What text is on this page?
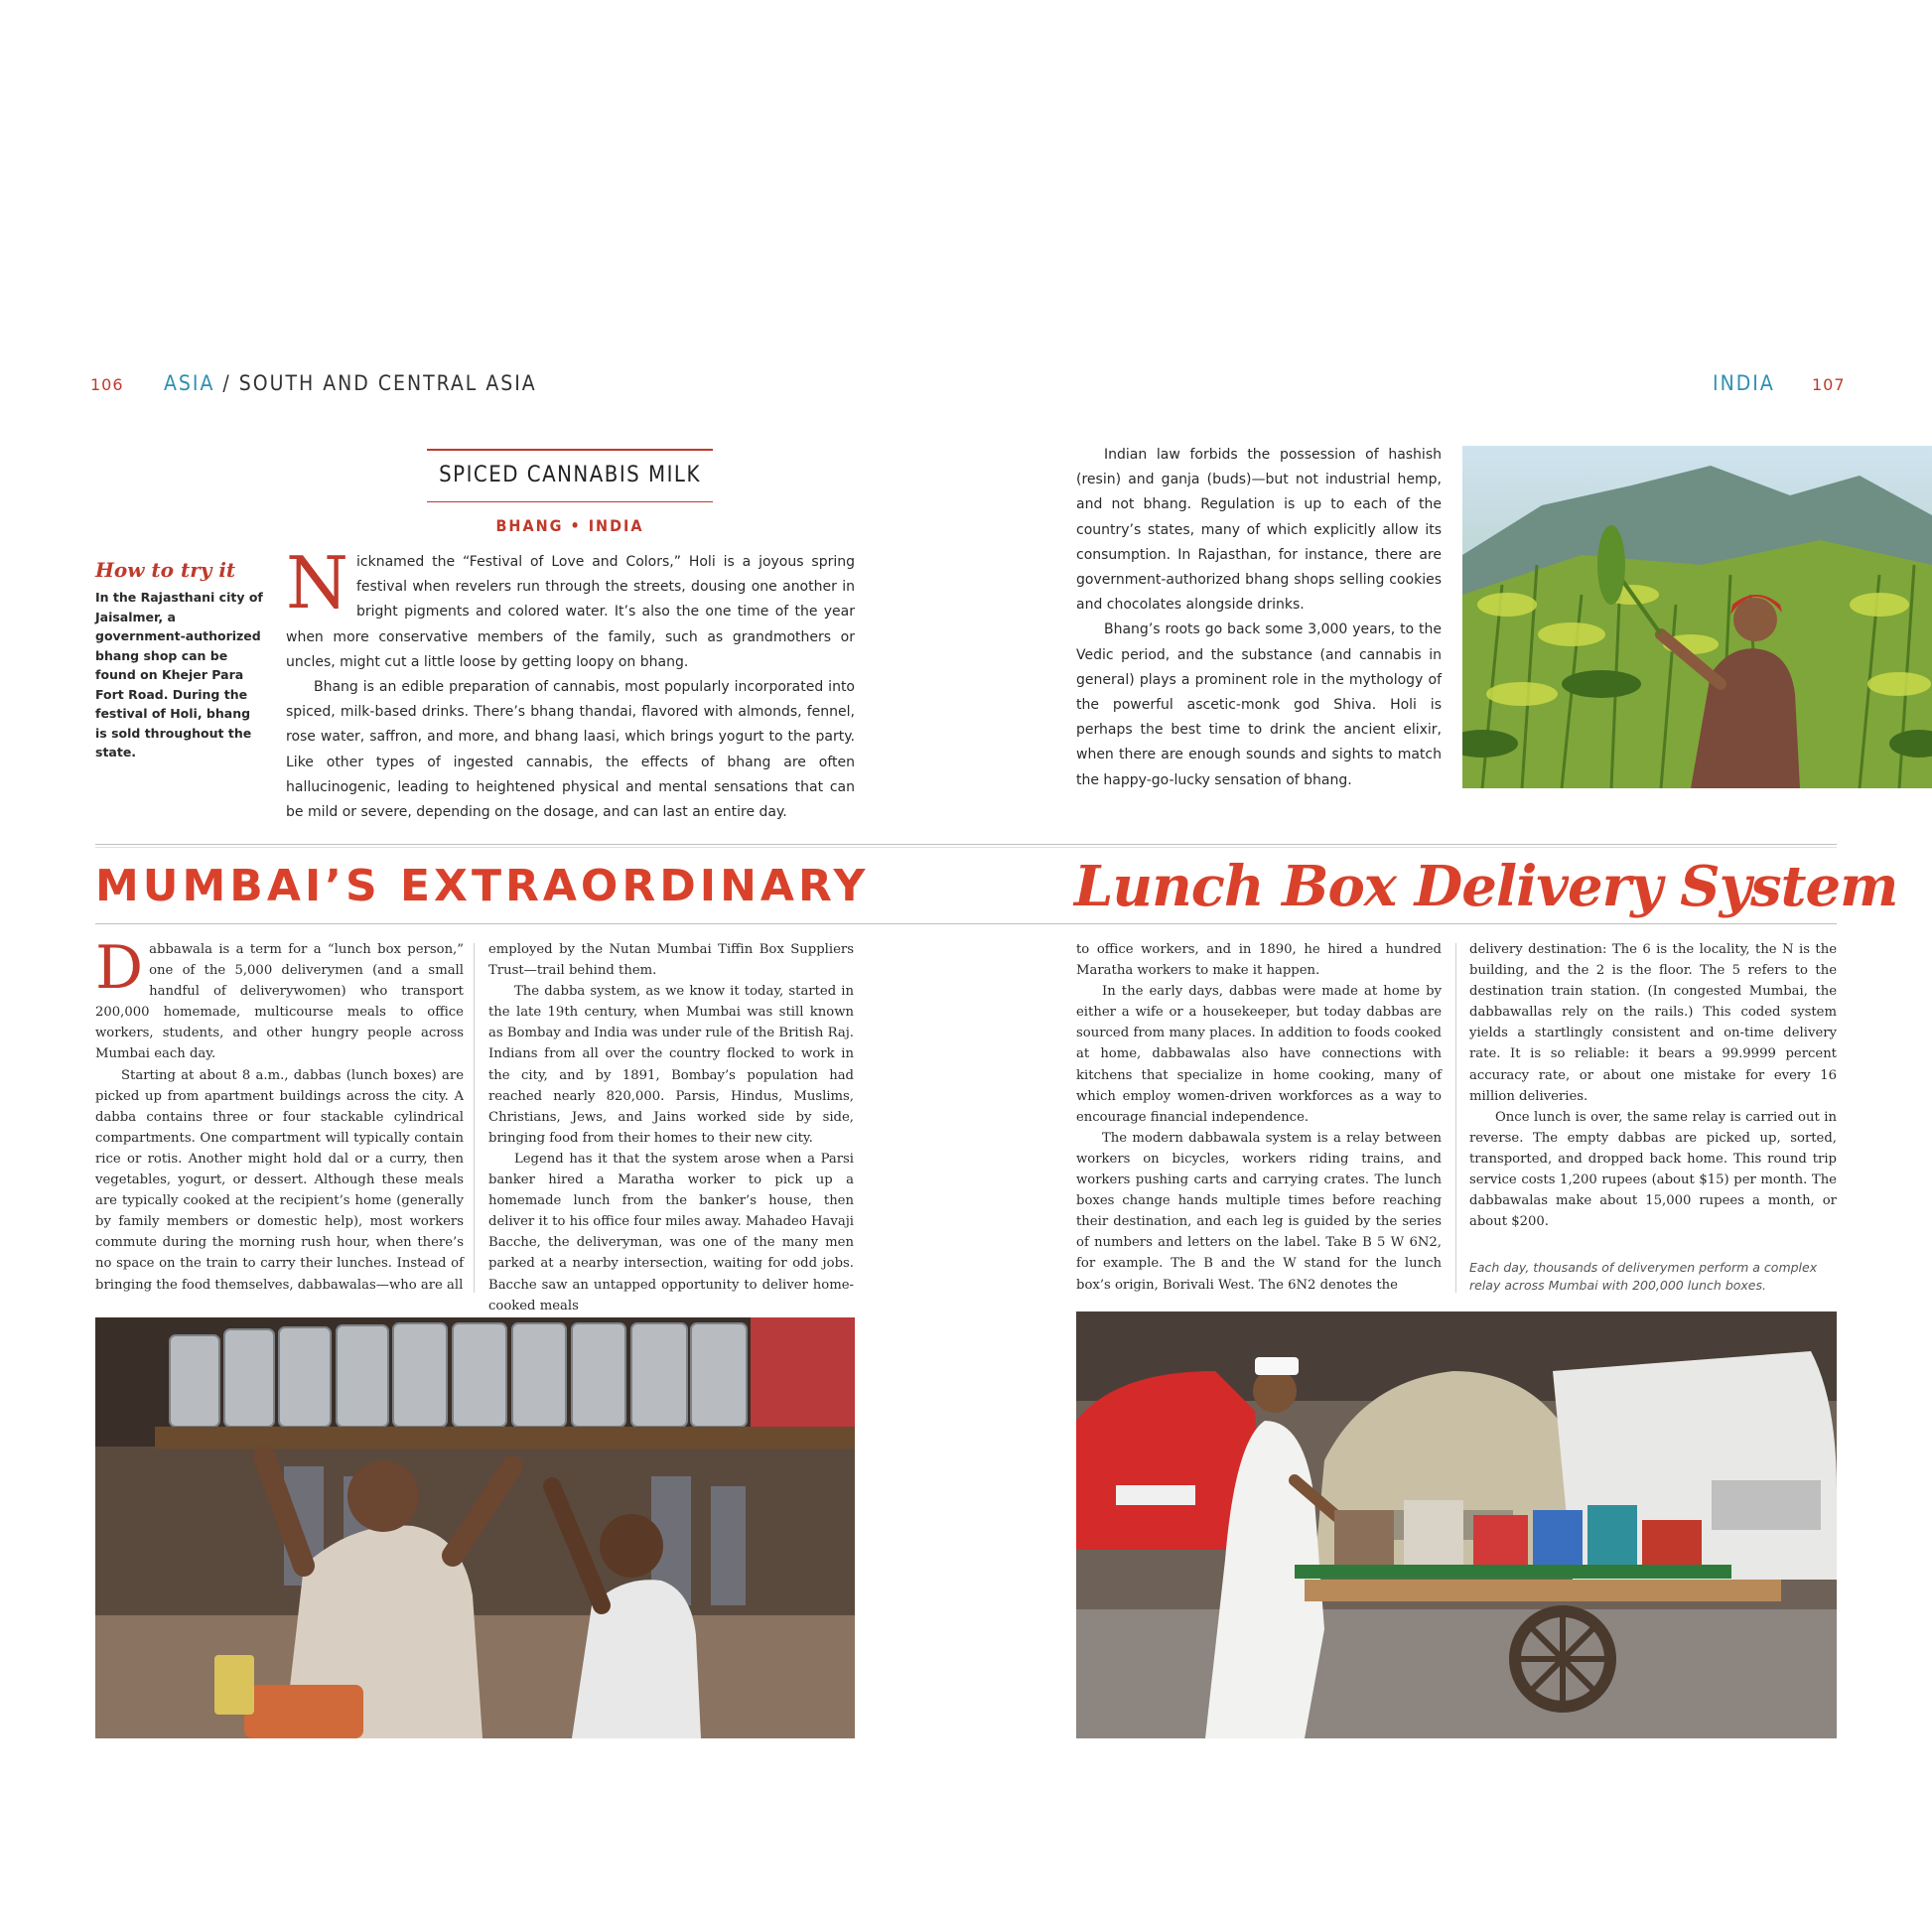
106 ASIA / SOUTH AND CENTRAL ASIA	INDIA 107
SPICED CANNABIS MILK
BHANG • INDIA
How to try it
In the Rajasthani city of Jaisalmer, a government-authorized bhang shop can be found on Khejer Para Fort Road. During the festival of Holi, bhang is sold throughout the state.

Nicknamed the “Festival of Love and Colors,” Holi is a joyous spring festival when revelers run through the streets, dousing one another in bright pigments and colored water. It’s also the one time of the year when more conservative members of the family, such as grandmothers or uncles, might cut a little loose by getting loopy on bhang.

Bhang is an edible preparation of cannabis, most popularly incorporated into spiced, milk-based drinks. There’s bhang thandai, flavored with almonds, fennel, rose water, saffron, and more, and bhang laasi, which brings yogurt to the party. Like other types of ingested cannabis, the effects of bhang are often hallucinogenic, leading to heightened physical and mental sensations that can be mild or severe, depending on the dosage, and can last an entire day.

Indian law forbids the possession of hashish (resin) and ganja (buds)—but not industrial hemp, and not bhang. Regulation is up to each of the country’s states, many of which explicitly allow its consumption. In Rajasthan, for instance, there are government-authorized bhang shops selling cookies and chocolates alongside drinks.

Bhang’s roots go back some 3,000 years, to the Vedic period, and the substance (and cannabis in general) plays a prominent role in the mythology of the powerful ascetic-monk god Shiva. Holi is perhaps the best time to drink the ancient elixir, when there are enough sounds and sights to match the happy-go-lucky sensation of bhang.

MUMBAI’S EXTRAORDINARY	Lunch Box Delivery System

Dabbawala is a term for a “lunch box person,” one of the 5,000 deliverymen (and a small handful of deliverywomen) who transport 200,000 homemade, multicourse meals to office workers, students, and other hungry people across Mumbai each day.

Starting at about 8 a.m., dabbas (lunch boxes) are picked up from apartment buildings across the city. A dabba contains three or four stackable cylindrical compartments. One compartment will typically contain rice or rotis. Another might hold dal or a curry, then vegetables, yogurt, or dessert. Although these meals are typically cooked at the recipient’s home (generally by family members or domestic help), most workers commute during the morning rush hour, when there’s no space on the train to carry their lunches. Instead of bringing the food themselves, dabbawalas—who are all

employed by the Nutan Mumbai Tiffin Box Suppliers Trust—trail behind them.

The dabba system, as we know it today, started in the late 19th century, when Mumbai was still known as Bombay and India was under rule of the British Raj. Indians from all over the country flocked to work in the city, and by 1891, Bombay’s population had reached nearly 820,000. Parsis, Hindus, Muslims, Christians, Jews, and Jains worked side by side, bringing food from their homes to their new city.

Legend has it that the system arose when a Parsi banker hired a Maratha worker to pick up a homemade lunch from the banker’s house, then deliver it to his office four miles away. Mahadeo Havaji Bacche, the deliveryman, was one of the many men parked at a nearby intersection, waiting for odd jobs. Bacche saw an untapped opportunity to deliver home-cooked meals

to office workers, and in 1890, he hired a hundred Maratha workers to make it happen.

In the early days, dabbas were made at home by either a wife or a housekeeper, but today dabbas are sourced from many places. In addition to foods cooked at home, dabbawalas also have connections with kitchens that specialize in home cooking, many of which employ women-driven workforces as a way to encourage financial independence.

The modern dabbawala system is a relay between workers on bicycles, workers riding trains, and workers pushing carts and carrying crates. The lunch boxes change hands multiple times before reaching their destination, and each leg is guided by the series of numbers and letters on the label. Take B 5 W 6N2, for example. The B and the W stand for the lunch box’s origin, Borivali West. The 6N2 denotes the

delivery destination: The 6 is the locality, the N is the building, and the 2 is the floor. The 5 refers to the destination train station. (In congested Mumbai, the dabbawallas rely on the rails.) This coded system yields a startlingly consistent and on-time delivery rate. It is so reliable: it bears a 99.9999 percent accuracy rate, or about one mistake for every 16 million deliveries.

Once lunch is over, the same relay is carried out in reverse. The empty dabbas are picked up, sorted, transported, and dropped back home. This round trip service costs 1,200 rupees (about $15) per month. The dabbawalas make about 15,000 rupees a month, or about $200.

Each day, thousands of deliverymen perform a complex relay across Mumbai with 200,000 lunch boxes.
